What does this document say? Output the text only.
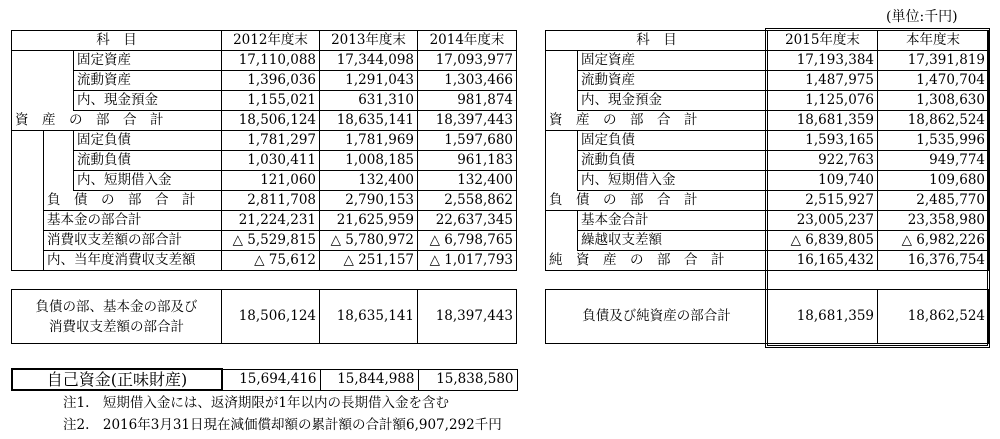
(単位:千円)
科　目			2012年度末	2013年度末	2014年度末
		固定資産	17,110,088	17,344,098	17,093,977
		流動資産	1,396,036	1,291,043	1,303,466
		内、現金預金	1,155,021	631,310	981,874
資　産　の　部　合　計			18,506,124	18,635,141	18,397,443
		固定負債	1,781,297	1,781,969	1,597,680
		流動負債	1,030,411	1,008,185	961,183
		内、短期借入金	121,060	132,400	132,400
	負　債　の　部　合　計		2,811,708	2,790,153	2,558,862
	基本金の部合計		21,224,231	21,625,959	22,637,345
	消費収支差額の部合計		△ 5,529,815	△ 5,780,972	△ 6,798,765
	内、当年度消費収支差額		△ 75,612	△ 251,157	△ 1,017,793
負債の部、基本金の部及び
消費収支差額の部合計
	18,506,124	18,635,141	18,397,443
科　目		2015年度末	本年度末
	固定資産	17,193,384	17,391,819
	流動資産	1,487,975	1,470,704
	内、現金預金	1,125,076	1,308,630
資　産　の　部　合　計		18,681,359	18,862,524
	固定負債	1,593,165	1,535,996
	流動負債	922,763	949,774
	内、短期借入金	109,740	109,680
負　債　の　部　合　計		2,515,927	2,485,770
	基本金合計	23,005,237	23,358,980
	繰越収支差額	△ 6,839,805	△ 6,982,226
純　資　産　の　部　合　計		16,165,432	16,376,754
負債及び純資産の部合計	18,681,359	18,862,524
自己資金(正味財産)	15,694,416	15,844,988	15,838,580
注1.　短期借入金には、返済期限が1年以内の長期借入金を含む
注2.　2016年3月31日現在減価償却額の累計額の合計額6,907,292千円
